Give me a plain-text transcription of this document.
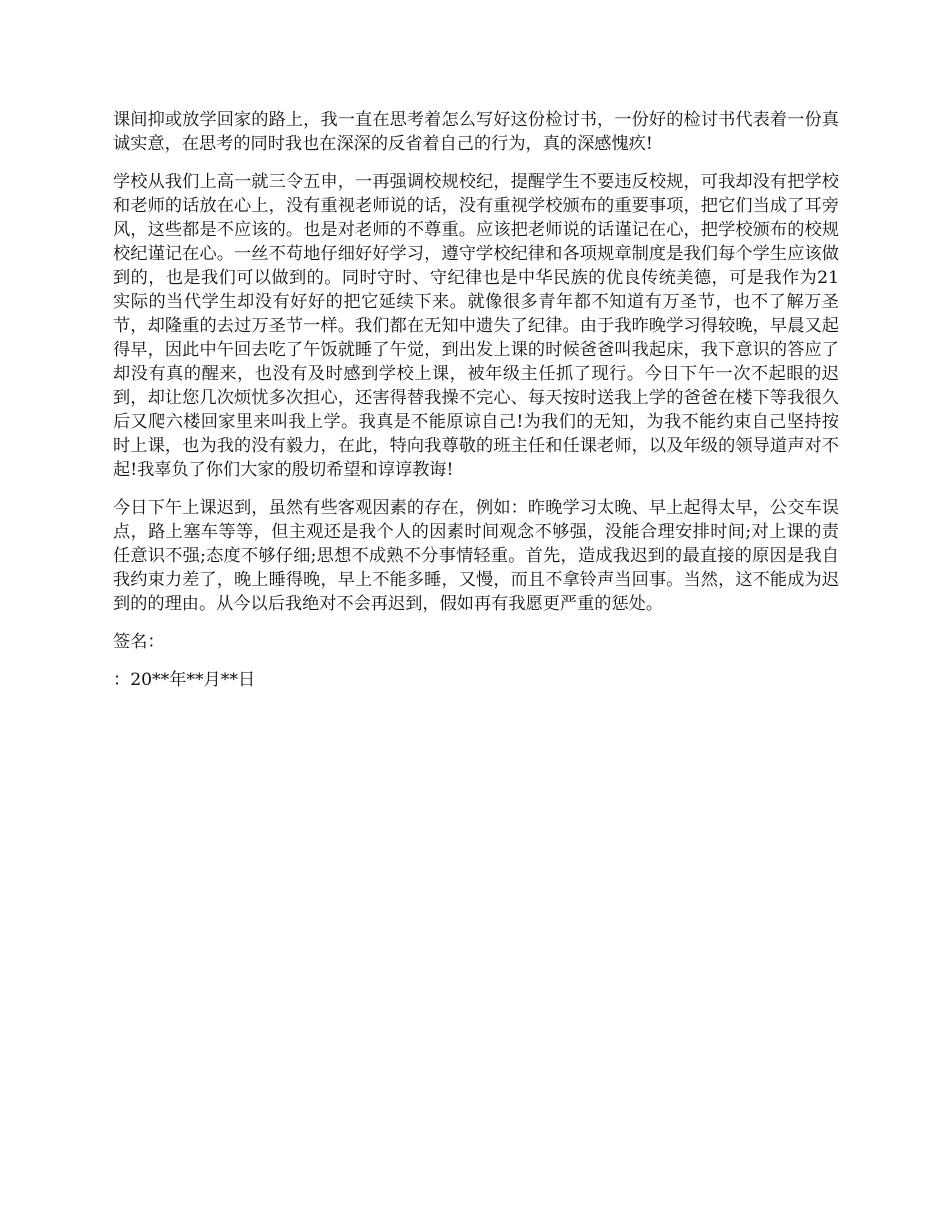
课间抑或放学回家的路上，我一直在思考着怎么写好这份检讨书，一份好的检讨书代表着一份真诚实意，在思考的同时我也在深深的反省着自己的行为，真的深感愧疚!

学校从我们上高一就三令五申，一再强调校规校纪，提醒学生不要违反校规，可我却没有把学校和老师的话放在心上，没有重视老师说的话，没有重视学校颁布的重要事项，把它们当成了耳旁风，这些都是不应该的。也是对老师的不尊重。应该把老师说的话谨记在心，把学校颁布的校规校纪谨记在心。一丝不苟地仔细好好学习，遵守学校纪律和各项规章制度是我们每个学生应该做到的，也是我们可以做到的。同时守时、守纪律也是中华民族的优良传统美德，可是我作为21实际的当代学生却没有好好的把它延续下来。就像很多青年都不知道有万圣节，也不了解万圣节，却隆重的去过万圣节一样。我们都在无知中遗失了纪律。由于我昨晚学习得较晚，早晨又起得早，因此中午回去吃了午饭就睡了午觉，到出发上课的时候爸爸叫我起床，我下意识的答应了却没有真的醒来，也没有及时感到学校上课，被年级主任抓了现行。今日下午一次不起眼的迟到，却让您几次烦忧多次担心，还害得替我操不完心、每天按时送我上学的爸爸在楼下等我很久后又爬六楼回家里来叫我上学。我真是不能原谅自己!为我们的无知，为我不能约束自己坚持按时上课，也为我的没有毅力，在此，特向我尊敬的班主任和任课老师，以及年级的领导道声对不起!我辜负了你们大家的殷切希望和谆谆教诲!

今日下午上课迟到，虽然有些客观因素的存在，例如：昨晚学习太晚、早上起得太早，公交车误点，路上塞车等等，但主观还是我个人的因素时间观念不够强，没能合理安排时间;对上课的责任意识不强;态度不够仔细;思想不成熟不分事情轻重。首先，造成我迟到的最直接的原因是我自我约束力差了，晚上睡得晚，早上不能多睡，又慢，而且不拿铃声当回事。当然，这不能成为迟到的的理由。从今以后我绝对不会再迟到，假如再有我愿更严重的惩处。

签名：

：20**年**月**日
